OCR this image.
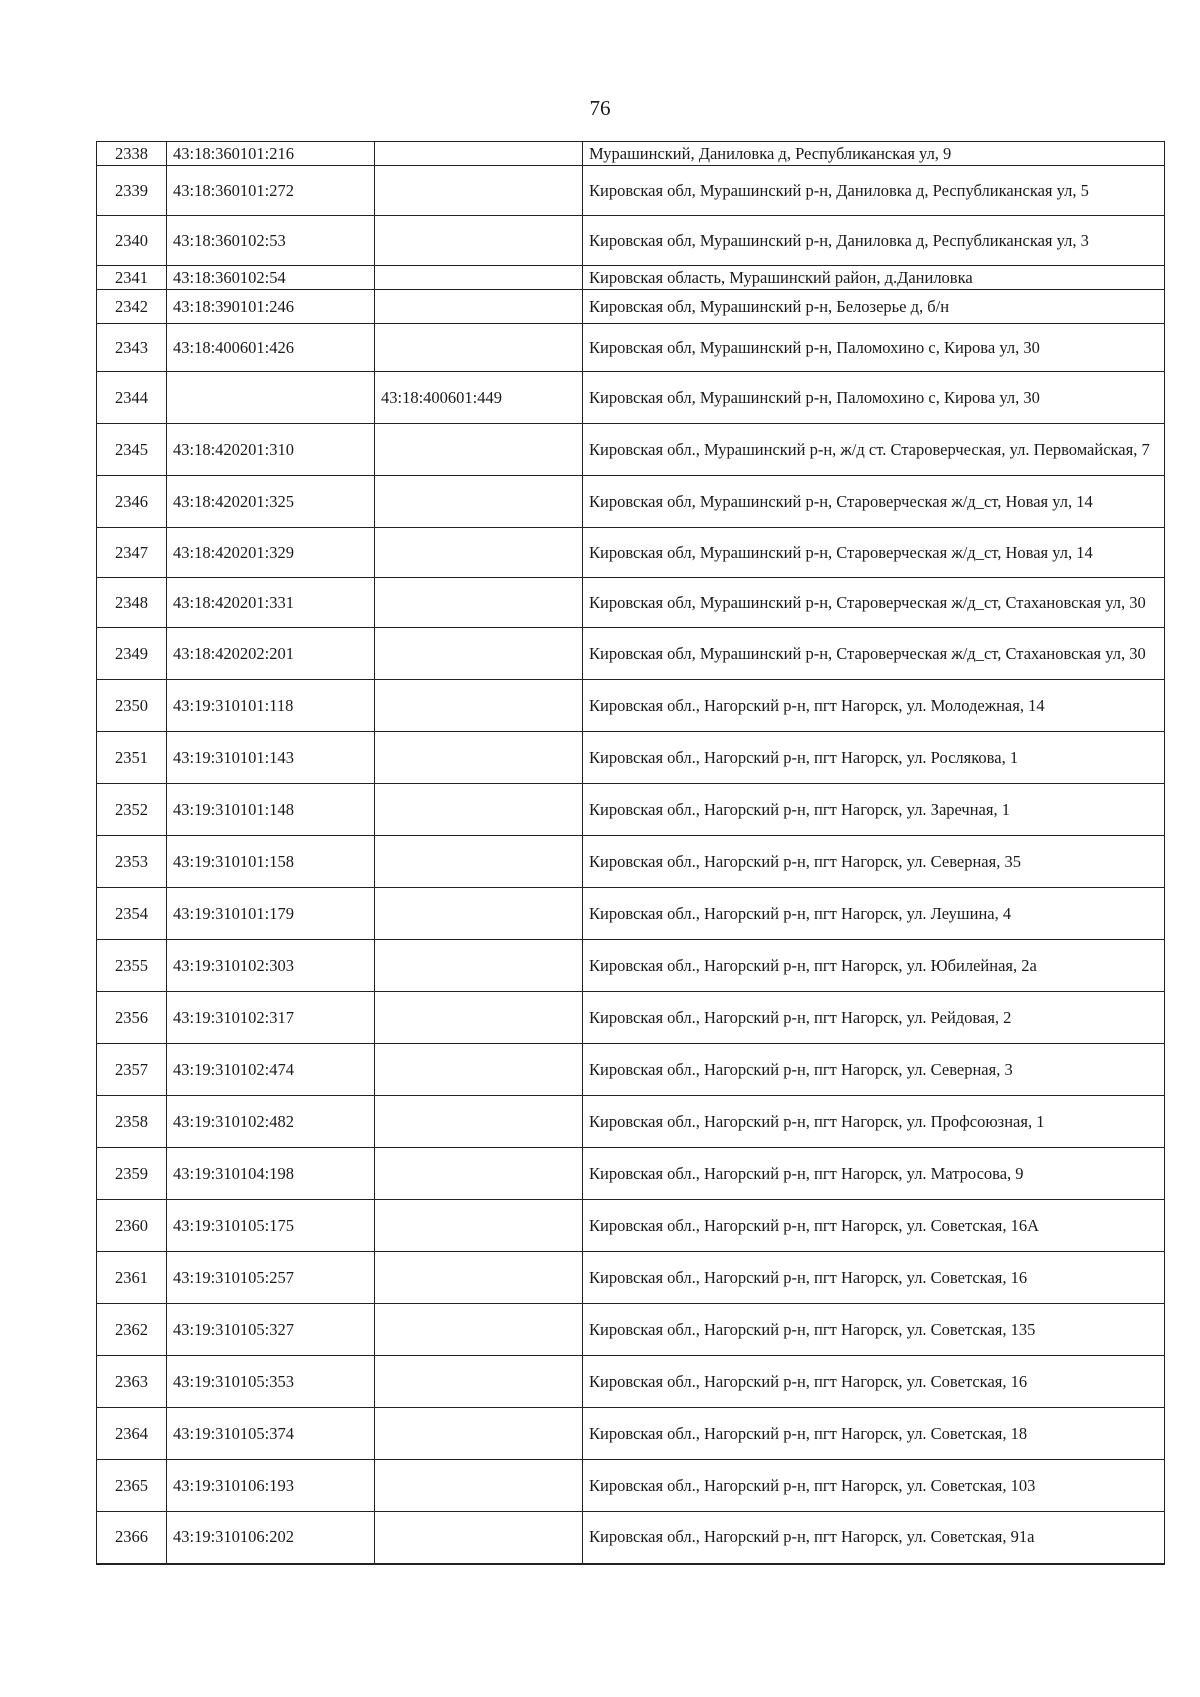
76
2338	43:18:360101:216		Мурашинский, Даниловка д, Республиканская ул, 9
2339	43:18:360101:272		Кировская обл, Мурашинский р-н, Даниловка д, Республиканская ул, 5
2340	43:18:360102:53		Кировская обл, Мурашинский р-н, Даниловка д, Республиканская ул, 3
2341	43:18:360102:54		Кировская область, Мурашинский район, д.Даниловка
2342	43:18:390101:246		Кировская обл, Мурашинский р-н, Белозерье д, б/н
2343	43:18:400601:426		Кировская обл, Мурашинский р-н, Паломохино с, Кирова ул, 30
2344		43:18:400601:449	Кировская обл, Мурашинский р-н, Паломохино с, Кирова ул, 30
2345	43:18:420201:310		Кировская обл., Мурашинский р-н, ж/д ст. Староверческая, ул. Первомайская, 7
2346	43:18:420201:325		Кировская обл, Мурашинский р-н, Староверческая ж/д_ст, Новая ул, 14
2347	43:18:420201:329		Кировская обл, Мурашинский р-н, Староверческая ж/д_ст, Новая ул, 14
2348	43:18:420201:331		Кировская обл, Мурашинский р-н, Староверческая ж/д_ст, Стахановская ул, 30
2349	43:18:420202:201		Кировская обл, Мурашинский р-н, Староверческая ж/д_ст, Стахановская ул, 30
2350	43:19:310101:118		Кировская обл., Нагорский р-н, пгт Нагорск, ул. Молодежная, 14
2351	43:19:310101:143		Кировская обл., Нагорский р-н, пгт Нагорск, ул. Рослякова, 1
2352	43:19:310101:148		Кировская обл., Нагорский р-н, пгт Нагорск, ул. Заречная, 1
2353	43:19:310101:158		Кировская обл., Нагорский р-н, пгт Нагорск, ул. Северная, 35
2354	43:19:310101:179		Кировская обл., Нагорский р-н, пгт Нагорск, ул. Леушина, 4
2355	43:19:310102:303		Кировская обл., Нагорский р-н, пгт Нагорск, ул. Юбилейная, 2а
2356	43:19:310102:317		Кировская обл., Нагорский р-н, пгт Нагорск, ул. Рейдовая, 2
2357	43:19:310102:474		Кировская обл., Нагорский р-н, пгт Нагорск, ул. Северная, 3
2358	43:19:310102:482		Кировская обл., Нагорский р-н, пгт Нагорск, ул. Профсоюзная, 1
2359	43:19:310104:198		Кировская обл., Нагорский р-н, пгт Нагорск, ул. Матросова, 9
2360	43:19:310105:175		Кировская обл., Нагорский р-н, пгт Нагорск, ул. Советская, 16А
2361	43:19:310105:257		Кировская обл., Нагорский р-н, пгт Нагорск, ул. Советская, 16
2362	43:19:310105:327		Кировская обл., Нагорский р-н, пгт Нагорск, ул. Советская, 135
2363	43:19:310105:353		Кировская обл., Нагорский р-н, пгт Нагорск, ул. Советская, 16
2364	43:19:310105:374		Кировская обл., Нагорский р-н, пгт Нагорск, ул. Советская, 18
2365	43:19:310106:193		Кировская обл., Нагорский р-н, пгт Нагорск, ул. Советская, 103
2366	43:19:310106:202		Кировская обл., Нагорский р-н, пгт Нагорск, ул. Советская, 91а
